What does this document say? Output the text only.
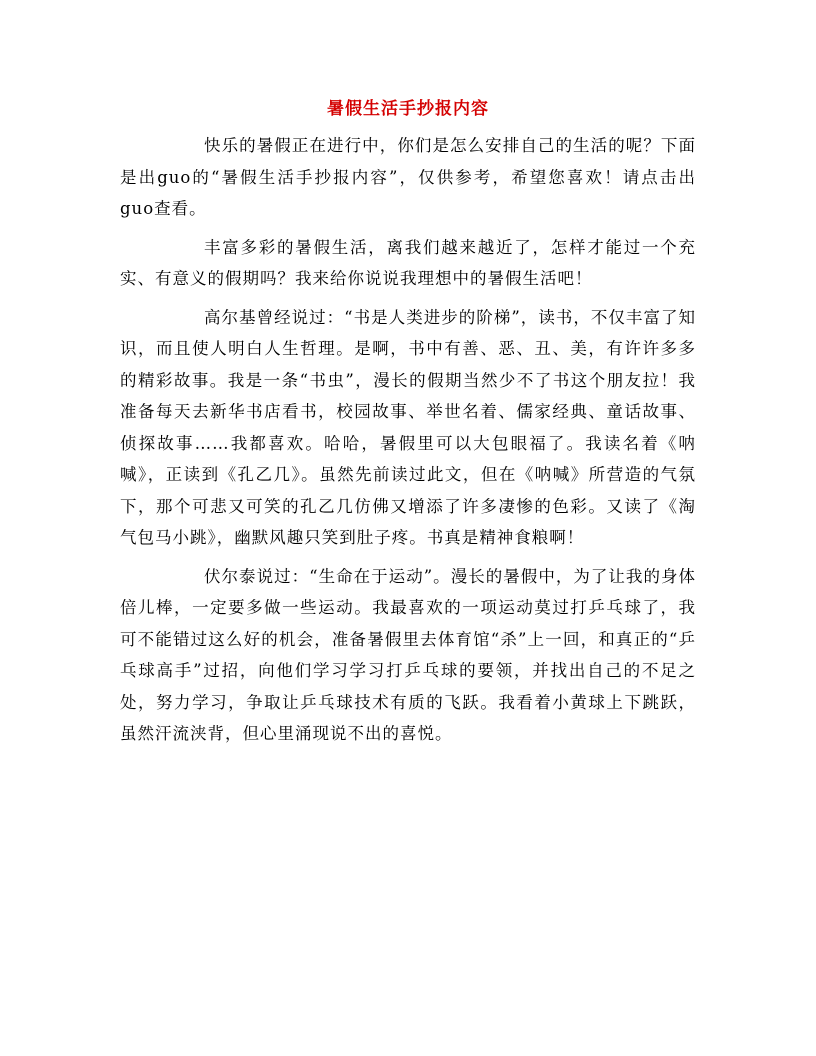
暑假生活手抄报内容

快乐的暑假正在进行中，你们是怎么安排自己的生活的呢？下面是出guo的“暑假生活手抄报内容”，仅供参考，希望您喜欢！请点击出guo查看。

丰富多彩的暑假生活，离我们越来越近了，怎样才能过一个充实、有意义的假期吗？我来给你说说我理想中的暑假生活吧！

高尔基曾经说过：“书是人类进步的阶梯”，读书，不仅丰富了知识，而且使人明白人生哲理。是啊，书中有善、恶、丑、美，有许许多多的精彩故事。我是一条“书虫”，漫长的假期当然少不了书这个朋友拉！我准备每天去新华书店看书，校园故事、举世名着、儒家经典、童话故事、侦探故事……我都喜欢。哈哈，暑假里可以大包眼福了。我读名着《呐喊》，正读到《孔乙几》。虽然先前读过此文，但在《呐喊》所营造的气氛下，那个可悲又可笑的孔乙几仿佛又增添了许多凄惨的色彩。又读了《淘气包马小跳》，幽默风趣只笑到肚子疼。书真是精神食粮啊！

伏尔泰说过：“生命在于运动”。漫长的暑假中，为了让我的身体倍儿棒，一定要多做一些运动。我最喜欢的一项运动莫过打乒乓球了，我可不能错过这么好的机会，准备暑假里去体育馆“杀”上一回，和真正的“乒乓球高手”过招，向他们学习学习打乒乓球的要领，并找出自己的不足之处，努力学习，争取让乒乓球技术有质的飞跃。我看着小黄球上下跳跃，虽然汗流浃背，但心里涌现说不出的喜悦。
